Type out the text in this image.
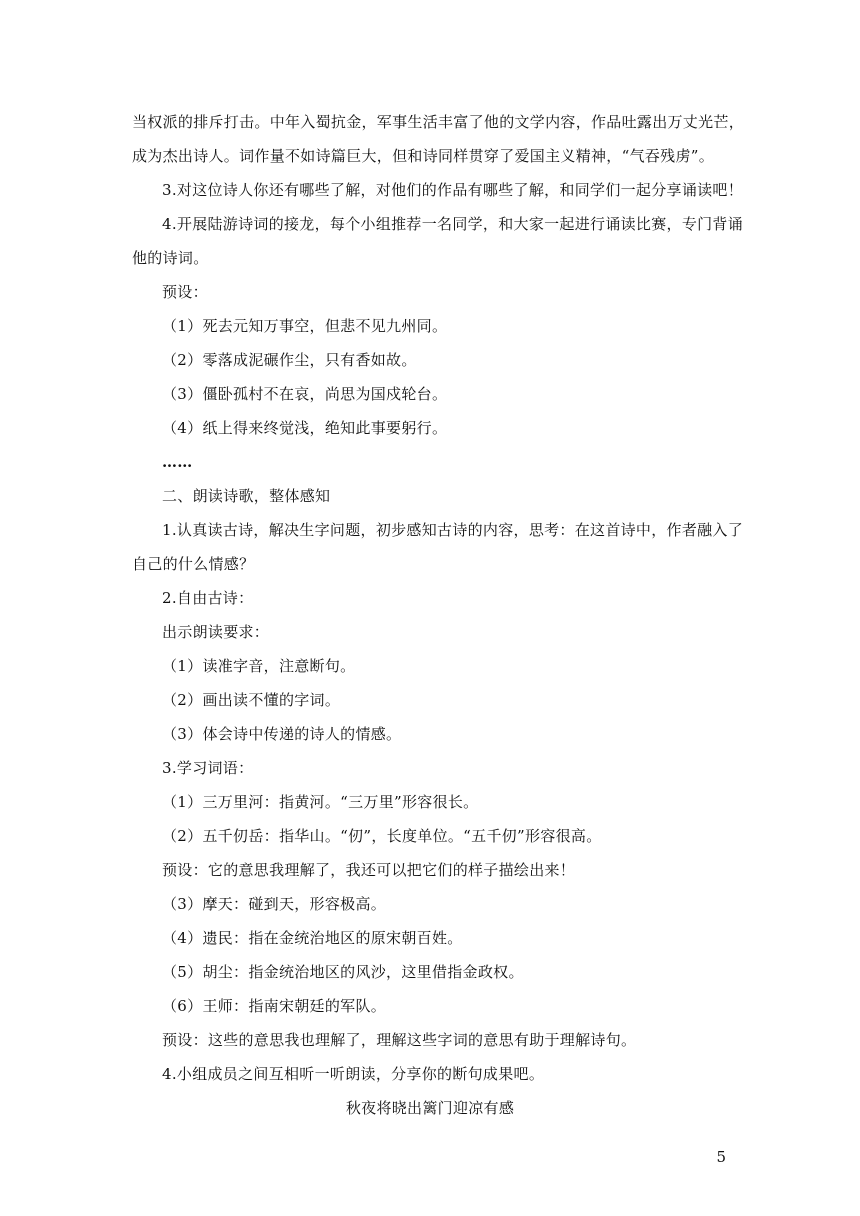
当权派的排斥打击。中年入蜀抗金，军事生活丰富了他的文学内容，作品吐露出万丈光芒，
成为杰出诗人。词作量不如诗篇巨大，但和诗同样贯穿了爱国主义精神，“气吞残虏”。
3.对这位诗人你还有哪些了解，对他们的作品有哪些了解，和同学们一起分享诵读吧！
4.开展陆游诗词的接龙，每个小组推荐一名同学，和大家一起进行诵读比赛，专门背诵
他的诗词。
预设：
（1）死去元知万事空，但悲不见九州同。
（2）零落成泥碾作尘，只有香如故。
（3）僵卧孤村不在哀，尚思为国戍轮台。
（4）纸上得来终觉浅，绝知此事要躬行。
……
二、朗读诗歌，整体感知
1.认真读古诗，解决生字问题，初步感知古诗的内容，思考：在这首诗中，作者融入了
自己的什么情感？
2.自由古诗：
出示朗读要求：
（1）读准字音，注意断句。
（2）画出读不懂的字词。
（3）体会诗中传递的诗人的情感。
3.学习词语：
（1）三万里河：指黄河。“三万里”形容很长。
（2）五千仞岳：指华山。“仞”，长度单位。“五千仞”形容很高。
预设：它的意思我理解了，我还可以把它们的样子描绘出来！
（3）摩天：碰到天，形容极高。
（4）遗民：指在金统治地区的原宋朝百姓。
（5）胡尘：指金统治地区的风沙，这里借指金政权。
（6）王师：指南宋朝廷的军队。
预设：这些的意思我也理解了，理解这些字词的意思有助于理解诗句。
4.小组成员之间互相听一听朗读，分享你的断句成果吧。
秋夜将晓出篱门迎凉有感
5
